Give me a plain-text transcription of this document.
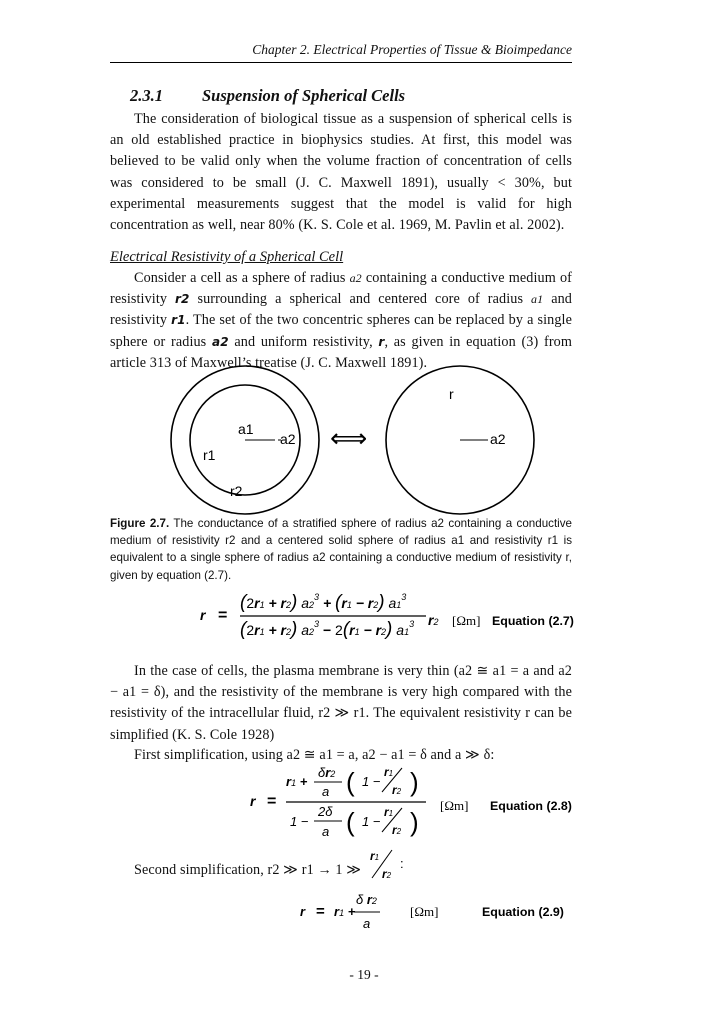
Chapter 2. Electrical Properties of Tissue & Bioimpedance
2.3.1 Suspension of Spherical Cells

The consideration of biological tissue as a suspension of spherical cells is an old established practice in biophysics studies. At first, this model was believed to be valid only when the volume fraction of concentration of cells was considered to be small (J. C. Maxwell 1891), usually < 30%, but experimental measurements suggest that the model is valid for high concentration as well, near 80% (K. S. Cole et al. 1969, M. Pavlin et al. 2002).

Electrical Resistivity of a Spherical Cell

Consider a cell as a sphere of radius a2 containing a conductive medium of resistivity r2 surrounding a spherical and centered core of radius a1 and resistivity r1. The set of the two concentric spheres can be replaced by a single sphere or radius a2 and uniform resistivity, r, as given in equation (3) from article 313 of Maxwell’s treatise (J. C. Maxwell 1891).

a1
a2
r1
r2
⟺
r
a2
Figure 2.7. The conductance of a stratified sphere of radius a2 containing a conductive medium of resistivity r2 and a centered solid sphere of radius a1 and resistivity r1 is equivalent to a single sphere of radius a2 containing a conductive medium of resistivity r, given by equation (2.7).
r =
(2r1 + r2) $a2^3 + (r1 - r2)$ $a1^3$
(2r1 + r2) $a2^3 - 2(r1 - r2)$ $a1^3$ r2 [Ωm] Equation (2.7)

In the case of cells, the plasma membrane is very thin (a2 ≅ a1 = a and a2 − a1 = δ), and the resistivity of the membrane is very high compared with the resistivity of the intracellular fluid, r2 ≫ r1. The equivalent resistivity r can be simplified (K. S. Cole 1928)

First simplification, using a2 ≅ a1 = a, a2 − a1 = δ and a ≫ δ:

r =
r1 +
δr2
a ( 1 −
r1
r2 )
1 −
2δ
a ( 1 −
r1
r2 )
[Ωm] Equation (2.8)

Second simplification, r2 ≫ r1 → 1 ≫

r1
r2
:
r = r1 +
δ r2
a
[Ωm]	Equation (2.9)
- 19 -
